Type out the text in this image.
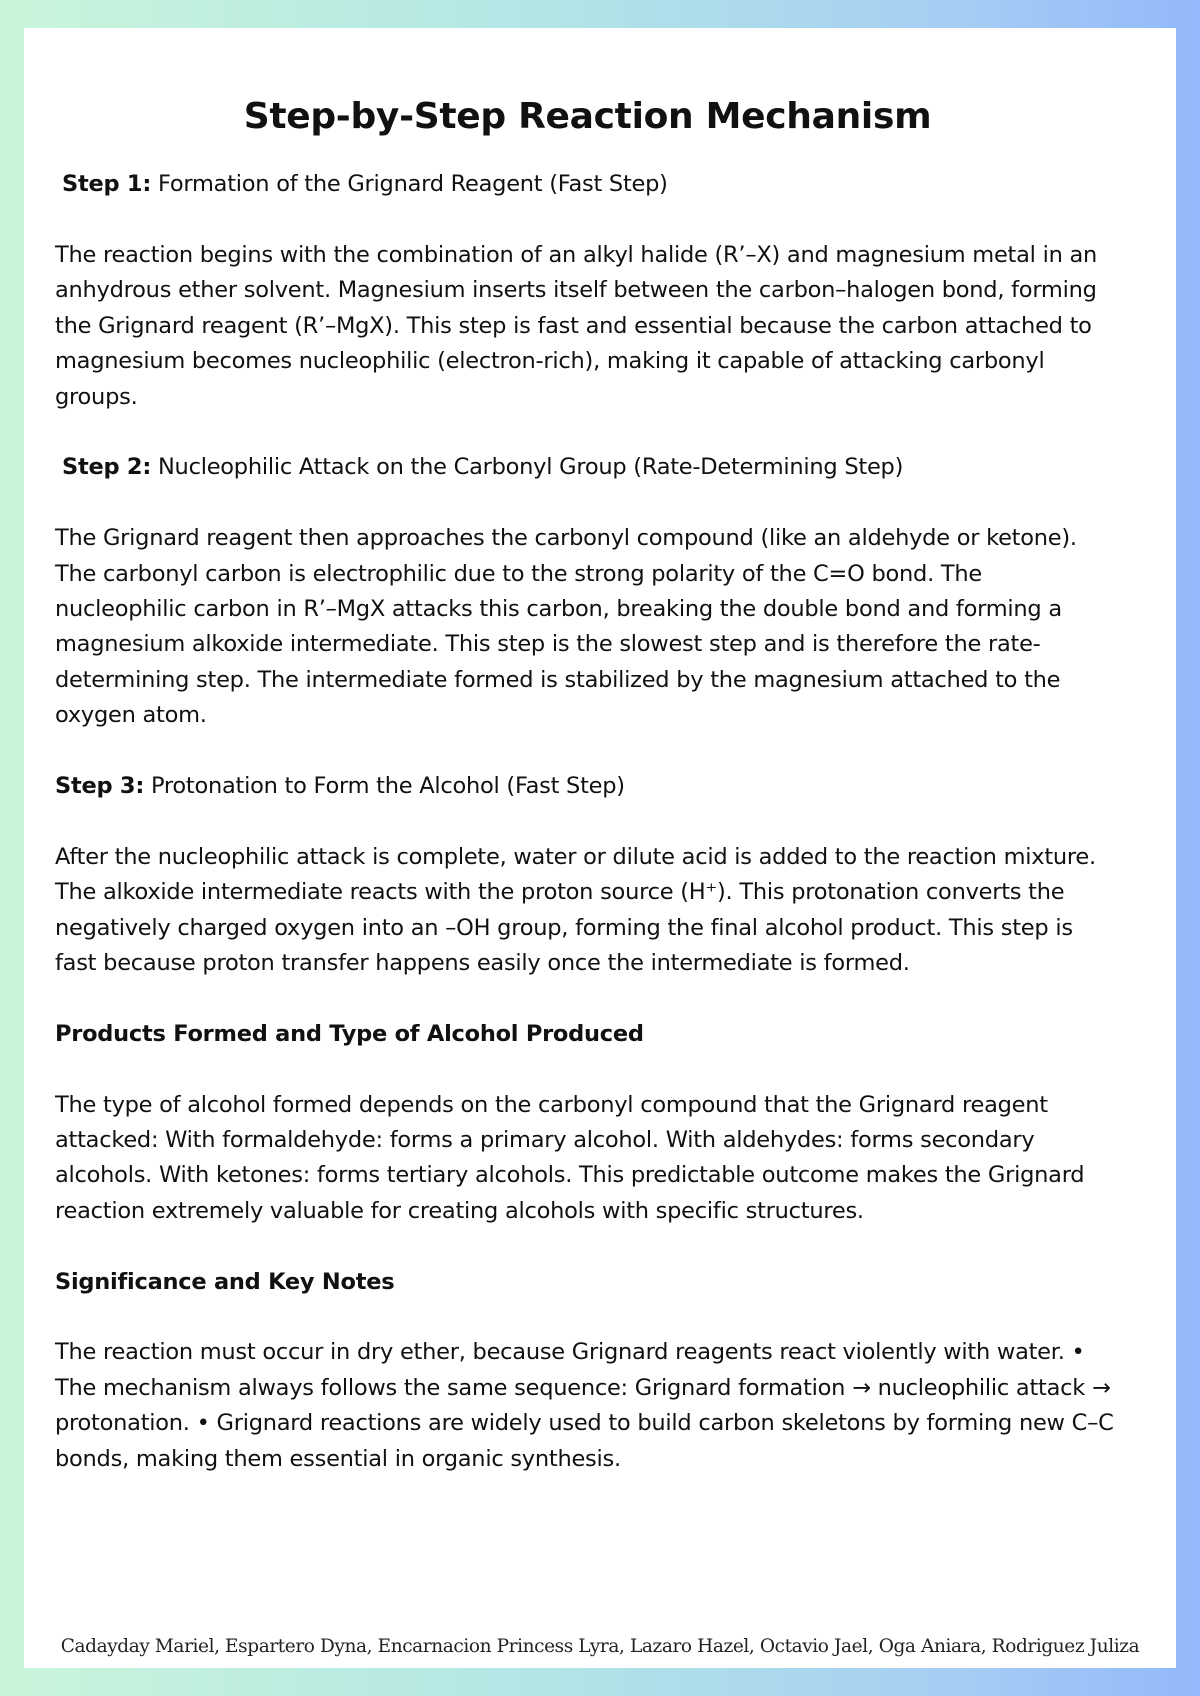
Step-by-Step Reaction Mechanism

Step 1: Formation of the Grignard Reagent (Fast Step)

The reaction begins with the combination of an alkyl halide (R’–X) and magnesium metal in an anhydrous ether solvent. Magnesium inserts itself between the carbon–halogen bond, forming the Grignard reagent (R’–MgX). This step is fast and essential because the carbon attached to magnesium becomes nucleophilic (electron-rich), making it capable of attacking carbonyl groups.

Step 2: Nucleophilic Attack on the Carbonyl Group (Rate-Determining Step)

The Grignard reagent then approaches the carbonyl compound (like an aldehyde or ketone). The carbonyl carbon is electrophilic due to the strong polarity of the C=O bond. The nucleophilic carbon in R’–MgX attacks this carbon, breaking the double bond and forming a magnesium alkoxide intermediate. This step is the slowest step and is therefore the rate-determining step. The intermediate formed is stabilized by the magnesium attached to the oxygen atom.

Step 3: Protonation to Form the Alcohol (Fast Step)

After the nucleophilic attack is complete, water or dilute acid is added to the reaction mixture. The alkoxide intermediate reacts with the proton source (H⁺). This protonation converts the negatively charged oxygen into an –OH group, forming the final alcohol product. This step is fast because proton transfer happens easily once the intermediate is formed.

Products Formed and Type of Alcohol Produced

The type of alcohol formed depends on the carbonyl compound that the Grignard reagent attacked: With formaldehyde: forms a primary alcohol. With aldehydes: forms secondary alcohols. With ketones: forms tertiary alcohols. This predictable outcome makes the Grignard reaction extremely valuable for creating alcohols with specific structures.

Significance and Key Notes

The reaction must occur in dry ether, because Grignard reagents react violently with water. • The mechanism always follows the same sequence: Grignard formation → nucleophilic attack → protonation. • Grignard reactions are widely used to build carbon skeletons by forming new C–C bonds, making them essential in organic synthesis.

Cadayday Mariel, Espartero Dyna, Encarnacion Princess Lyra, Lazaro Hazel, Octavio Jael, Oga Aniara, Rodriguez Juliza
